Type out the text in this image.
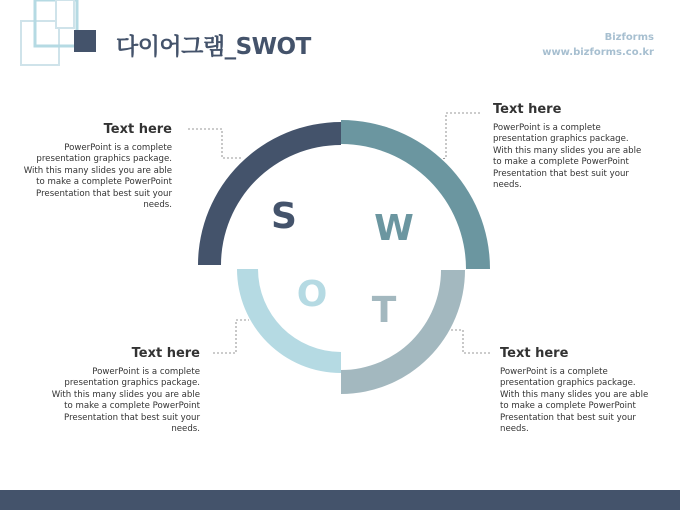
다이어그램_SWOT	Bizforms
www.bizforms.co.kr
S W
O T
Text here

PowerPoint is a complete presentation graphics package. With this many slides you are able to make a complete PowerPoint Presentation that best suit your needs.

Text here

PowerPoint is a complete presentation graphics package. With this many slides you are able to make a complete PowerPoint Presentation that best suit your needs.

Text here

PowerPoint is a complete presentation graphics package. With this many slides you are able to make a complete PowerPoint Presentation that best suit your needs.

Text here

PowerPoint is a complete presentation graphics package. With this many slides you are able to make a complete PowerPoint Presentation that best suit your needs.
